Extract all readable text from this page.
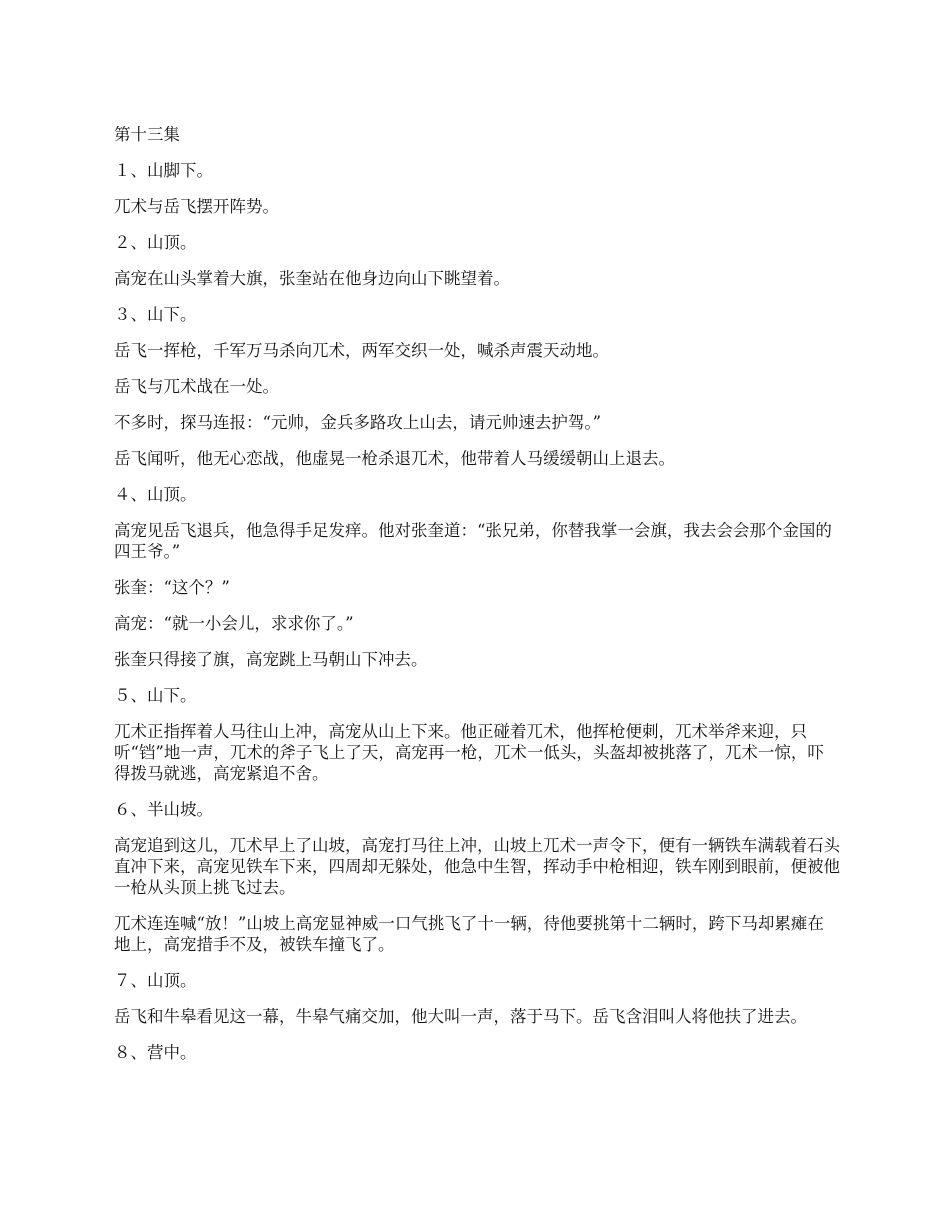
第十三集

１、山脚下。

兀术与岳飞摆开阵势。

２、山顶。

高宠在山头掌着大旗，张奎站在他身边向山下眺望着。

３、山下。

岳飞一挥枪，千军万马杀向兀术，两军交织一处，喊杀声震天动地。

岳飞与兀术战在一处。

不多时，探马连报：“元帅，金兵多路攻上山去，请元帅速去护驾。”

岳飞闻听，他无心恋战，他虚晃一枪杀退兀术，他带着人马缓缓朝山上退去。

４、山顶。

高宠见岳飞退兵，他急得手足发痒。他对张奎道：“张兄弟，你替我掌一会旗，我去会会那个金国的四王爷。”

张奎：“这个？”

高宠：“就一小会儿，求求你了。”

张奎只得接了旗，高宠跳上马朝山下冲去。

５、山下。

兀术正指挥着人马往山上冲，高宠从山上下来。他正碰着兀术，他挥枪便刺，兀术举斧来迎，只听“铛”地一声，兀术的斧子飞上了天，高宠再一枪，兀术一低头，头盔却被挑落了，兀术一惊，吓得拨马就逃，高宠紧追不舍。

６、半山坡。

高宠追到这儿，兀术早上了山坡，高宠打马往上冲，山坡上兀术一声令下，便有一辆铁车满载着石头直冲下来，高宠见铁车下来，四周却无躲处，他急中生智，挥动手中枪相迎，铁车刚到眼前，便被他一枪从头顶上挑飞过去。

兀术连连喊“放！”山坡上高宠显神威一口气挑飞了十一辆，待他要挑第十二辆时，跨下马却累瘫在地上，高宠措手不及，被铁车撞飞了。

７、山顶。

岳飞和牛皋看见这一幕，牛皋气痛交加，他大叫一声，落于马下。岳飞含泪叫人将他扶了进去。

８、营中。
